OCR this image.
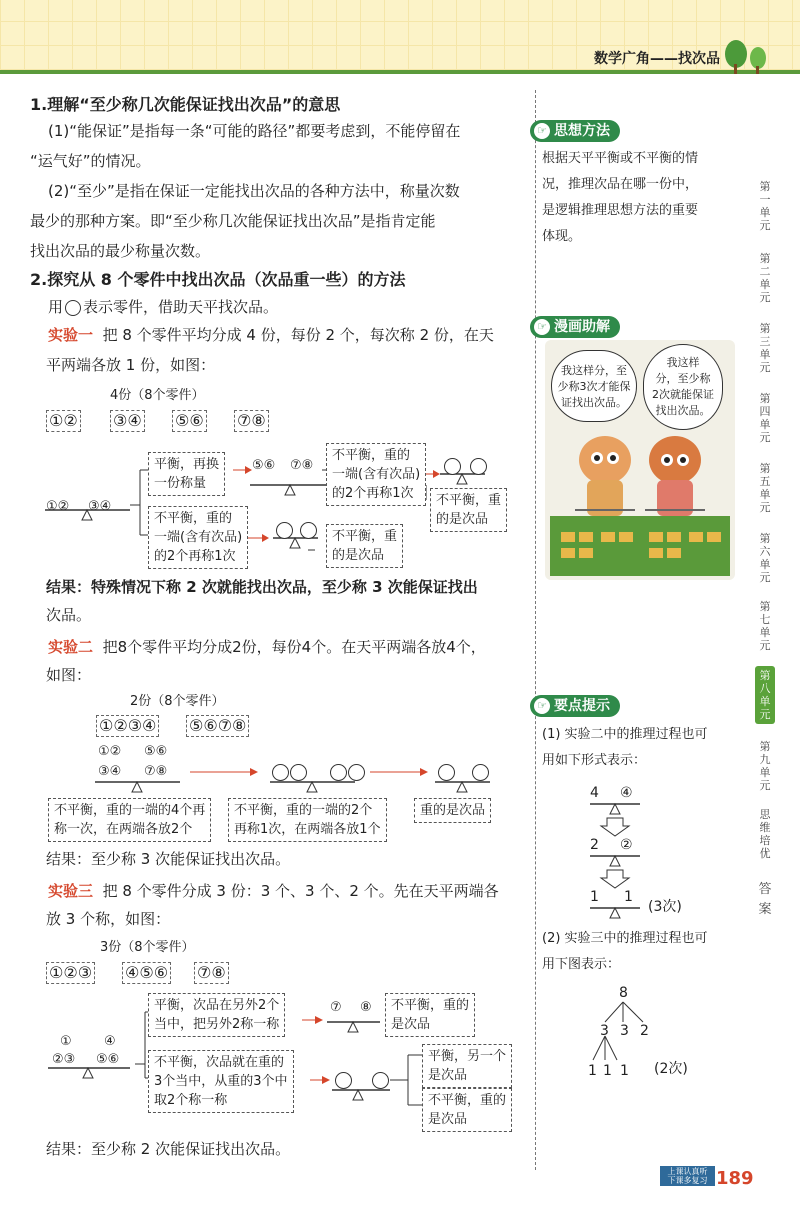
数学广角——找次品
1.理解“至少称几次能保证找出次品”的意思
(1)“能保证”是指每一条“可能的路径”都要考虑到，不能停留在
“运气好”的情况。
(2)“至少”是指在保证一定能找出次品的各种方法中，称量次数
最少的那种方案。即“至少称几次能保证找出次品”是指肯定能
找出次品的最少称量次数。
2.探究从 8 个零件中找出次品（次品重一些）的方法
用 表示零件，借助天平找次品。
实验一 把 8 个零件平均分成 4 份，每份 2 个，每次称 2 份，在天
平两端各放 1 份，如图：
4份（8个零件）
①② ③④ ⑤⑥ ⑦⑧
①② ③④
平衡，再换
一份称量
⑤⑥ ⑦⑧
不平衡，重的
一端(含有次品)
的2个再称1次	不平衡，重
的是次品
不平衡，重的
一端(含有次品)
的2个再称1次
不平衡，重
的是次品
结果：特殊情况下称 2 次就能找出次品，至少称 3 次能保证找出
次品。
实验二 把8个零件平均分成2份，每份4个。在天平两端各放4个，
如图：
2份（8个零件）
①②③④ ⑤⑥⑦⑧
①②
③④
⑤⑥
⑦⑧
不平衡，重的一端的4个再
称一次，在两端各放2个
不平衡，重的一端的2个
再称1次，在两端各放1个
重的是次品
结果：至少称 3 次能保证找出次品。
实验三 把 8 个零件分成 3 份：3 个、3 个、2 个。先在天平两端各
放 3 个称，如图：
3份（8个零件）
①②③ ④⑤⑥ ⑦⑧
①
②③
④
⑤⑥
平衡，次品在另外2个
当中，把另外2称一称
⑦ ⑧ 不平衡，重的
是次品
不平衡，次品就在重的
3个当中，从重的3个中
取2个称一称
平衡，另一个
是次品
不平衡，重的
是次品
结果：至少称 2 次能保证找出次品。
☞ 思想方法
根据天平平衡或不平衡的情
况，推理次品在哪一份中，
是逻辑推理思想方法的重要
体现。
☞ 漫画助解
我这样分，至
少称3次才能保
证找出次品。
我这样
分，至少称
2次就能保证
找出次品。
☞ 要点提示
(1) 实验二中的推理过程也可
用如下形式表示：
4 ④
2 ②
1 1
(3次)
(2) 实验三中的推理过程也可
用下图表示：
8
3 3 2
1 1 1 (2次)
第一单元
第二单元
第三单元
第四单元
第五单元
第六单元
第七单元
第八单元
第九单元
思维培优
答案
上课认真听
下课多复习 189
